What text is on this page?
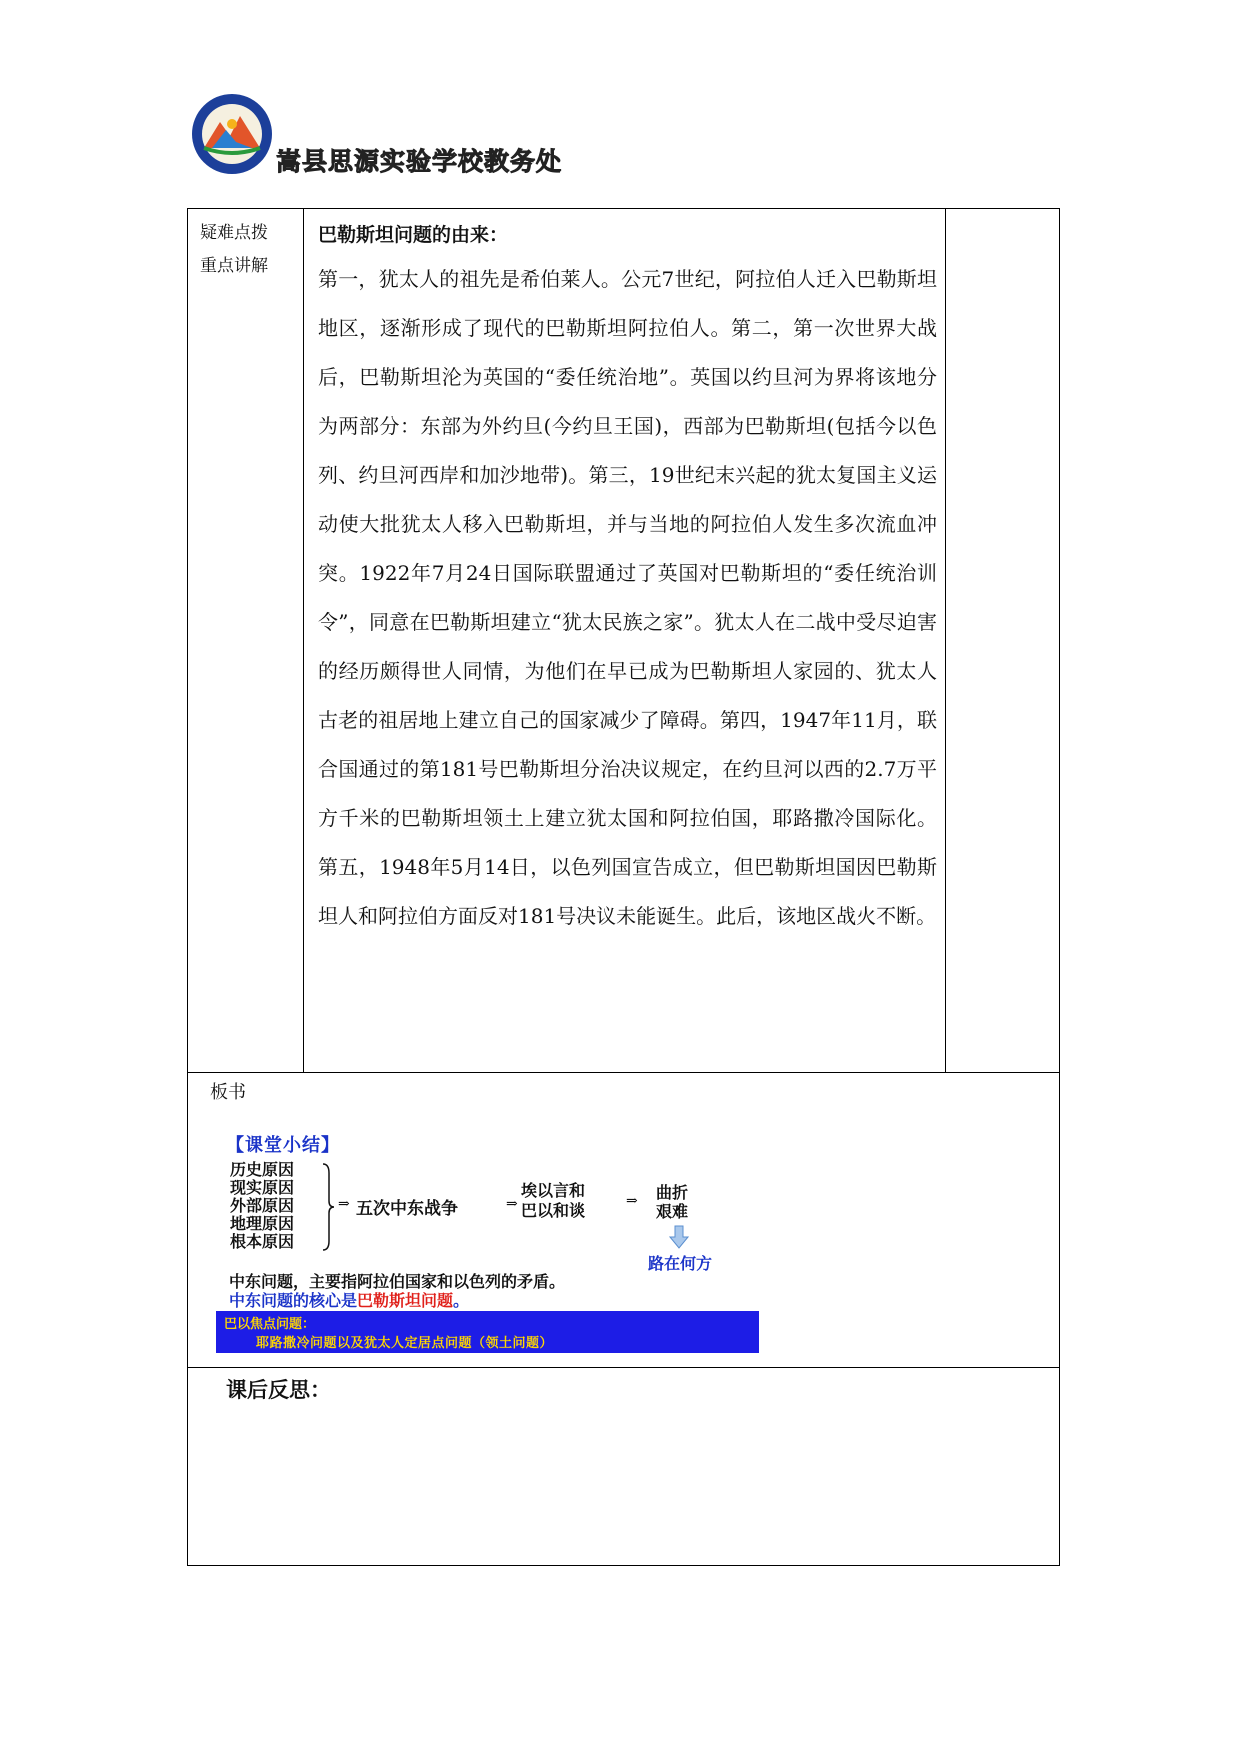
嵩县思源实验学校教务处
疑难点拨
重点讲解
巴勒斯坦问题的由来：
第一，犹太人的祖先是希伯莱人。公元7世纪，阿拉伯人迁入巴勒斯坦地区，逐渐形成了现代的巴勒斯坦阿拉伯人。第二，第一次世界大战后，巴勒斯坦沦为英国的“委任统治地”。英国以约旦河为界将该地分为两部分：东部为外约旦(今约旦王国)，西部为巴勒斯坦(包括今以色列、约旦河西岸和加沙地带)。第三，19世纪末兴起的犹太复国主义运动使大批犹太人移入巴勒斯坦，并与当地的阿拉伯人发生多次流血冲突。1922年7月24日国际联盟通过了英国对巴勒斯坦的“委任统治训令”，同意在巴勒斯坦建立“犹太民族之家”。犹太人在二战中受尽迫害的经历颇得世人同情，为他们在早已成为巴勒斯坦人家园的、犹太人古老的祖居地上建立自己的国家减少了障碍。第四，1947年11月，联合国通过的第181号巴勒斯坦分治决议规定，在约旦河以西的2.7万平方千米的巴勒斯坦领土上建立犹太国和阿拉伯国，耶路撒冷国际化。第五，1948年5月14日，以色列国宣告成立，但巴勒斯坦国因巴勒斯坦人和阿拉伯方面反对181号决议未能诞生。此后，该地区战火不断。
板书
【课堂小结】
历史原因
现实原因
外部原因
地理原因
根本原因
⇒ 五次中东战争	⇒
埃以言和
巴以和谈	⇒ 曲折
艰难
路在何方
中东问题，主要指阿拉伯国家和以色列的矛盾。
中东问题的核心是巴勒斯坦问题。
巴以焦点问题：
耶路撒冷问题以及犹太人定居点问题（领土问题）
课后反思：
